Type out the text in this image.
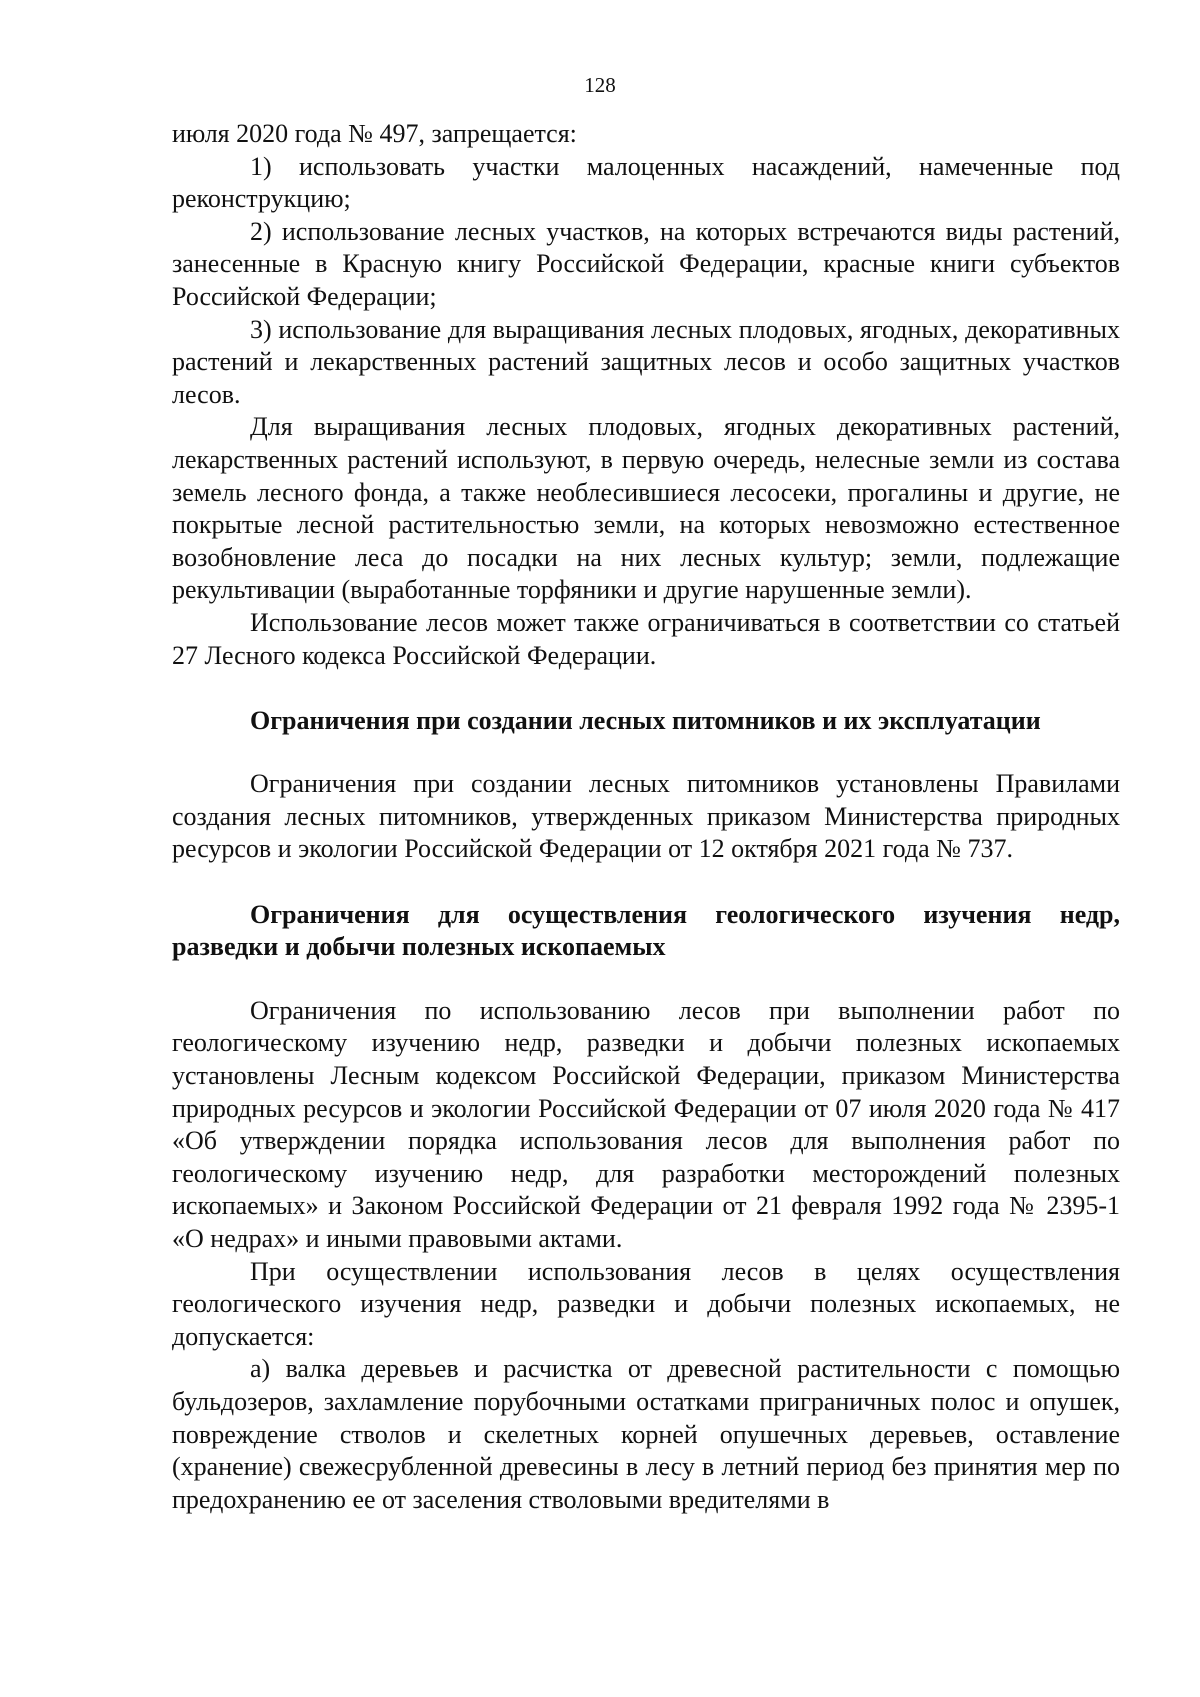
128

июля 2020 года № 497, запрещается:

1) использовать участки малоценных насаждений, намеченные под реконструкцию;

2) использование лесных участков, на которых встречаются виды растений, занесенные в Красную книгу Российской Федерации, красные книги субъектов Российской Федерации;

3) использование для выращивания лесных плодовых, ягодных, декоративных растений и лекарственных растений защитных лесов и особо защитных участков лесов.

Для выращивания лесных плодовых, ягодных декоративных растений, лекарственных растений используют, в первую очередь, нелесные земли из состава земель лесного фонда, а также необлесившиеся лесосеки, прогалины и другие, не покрытые лесной растительностью земли, на которых невозможно естественное возобновление леса до посадки на них лесных культур; земли, подлежащие рекультивации (выработанные торфяники и другие нарушенные земли).

Использование лесов может также ограничиваться в соответствии со статьей 27 Лесного кодекса Российской Федерации.

Ограничения при создании лесных питомников и их эксплуатации

Ограничения при создании лесных питомников установлены Правилами создания лесных питомников, утвержденных приказом Министерства природных ресурсов и экологии Российской Федерации от 12 октября 2021 года № 737.

Ограничения для осуществления геологического изучения недр, разведки и добычи полезных ископаемых

Ограничения по использованию лесов при выполнении работ по геологическому изучению недр, разведки и добычи полезных ископаемых установлены Лесным кодексом Российской Федерации, приказом Министерства природных ресурсов и экологии Российской Федерации от 07 июля 2020 года № 417 «Об утверждении порядка использования лесов для выполнения работ по геологическому изучению недр, для разработки месторождений полезных ископаемых» и Законом Российской Федерации от 21 февраля 1992 года № 2395-1 «О недрах» и иными правовыми актами.

При осуществлении использования лесов в целях осуществления геологического изучения недр, разведки и добычи полезных ископаемых, не допускается:

а) валка деревьев и расчистка от древесной растительности с помощью бульдозеров, захламление порубочными остатками приграничных полос и опушек, повреждение стволов и скелетных корней опушечных деревьев, оставление (хранение) свежесрубленной древесины в лесу в летний период без принятия мер по предохранению ее от заселения стволовыми вредителями в
